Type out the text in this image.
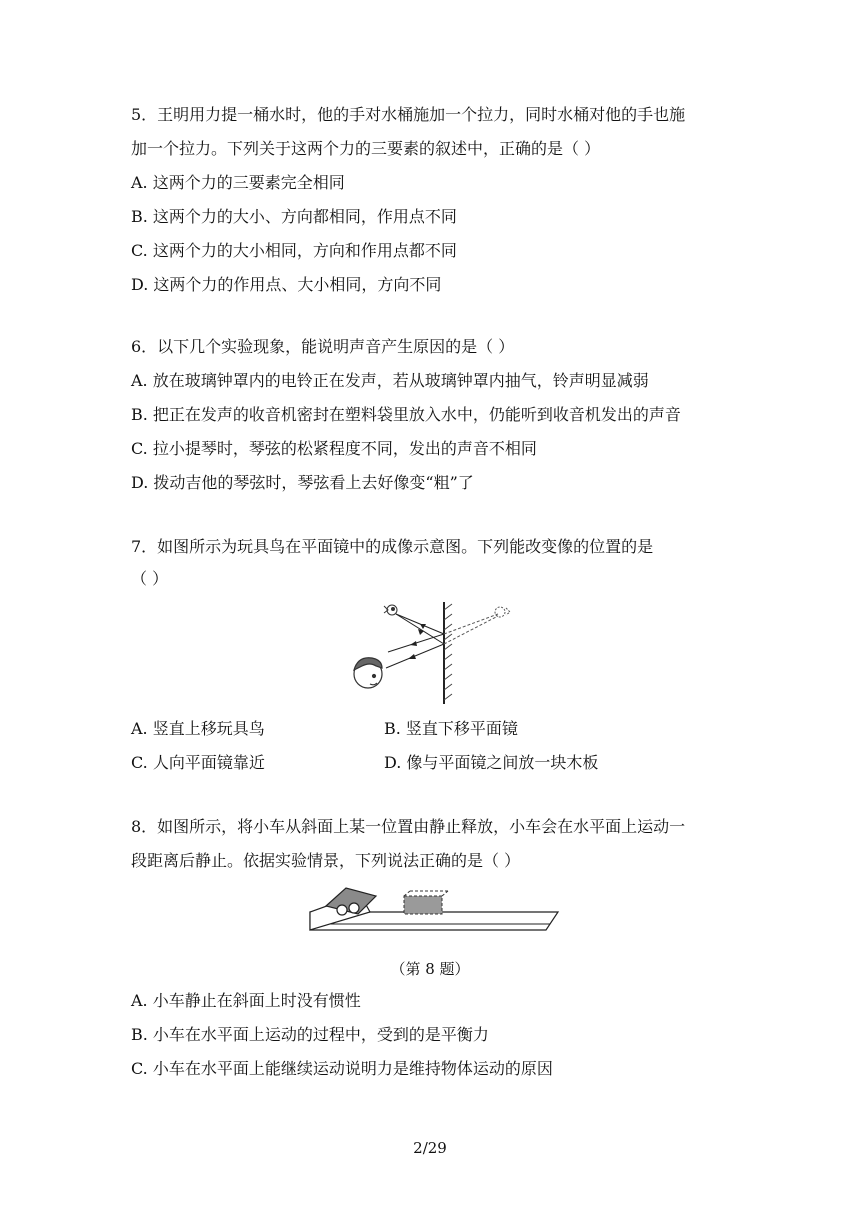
5．王明用力提一桶水时，他的手对水桶施加一个拉力，同时水桶对他的手也施
加一个拉力。下列关于这两个力的三要素的叙述中，正确的是（ ）
A. 这两个力的三要素完全相同
B. 这两个力的大小、方向都相同，作用点不同
C. 这两个力的大小相同，方向和作用点都不同
D. 这两个力的作用点、大小相同，方向不同
6．以下几个实验现象，能说明声音产生原因的是（ ）
A. 放在玻璃钟罩内的电铃正在发声，若从玻璃钟罩内抽气，铃声明显减弱
B. 把正在发声的收音机密封在塑料袋里放入水中，仍能听到收音机发出的声音
C. 拉小提琴时，琴弦的松紧程度不同，发出的声音不相同
D. 拨动吉他的琴弦时，琴弦看上去好像变“粗”了
7．如图所示为玩具鸟在平面镜中的成像示意图。下列能改变像的位置的是
（ ）
A. 竖直上移玩具鸟	B. 竖直下移平面镜
C. 人向平面镜靠近	D. 像与平面镜之间放一块木板
8．如图所示，将小车从斜面上某一位置由静止释放，小车会在水平面上运动一
段距离后静止。依据实验情景，下列说法正确的是（ ）
（第 8 题）
A. 小车静止在斜面上时没有惯性
B. 小车在水平面上运动的过程中，受到的是平衡力
C. 小车在水平面上能继续运动说明力是维持物体运动的原因
2/29
